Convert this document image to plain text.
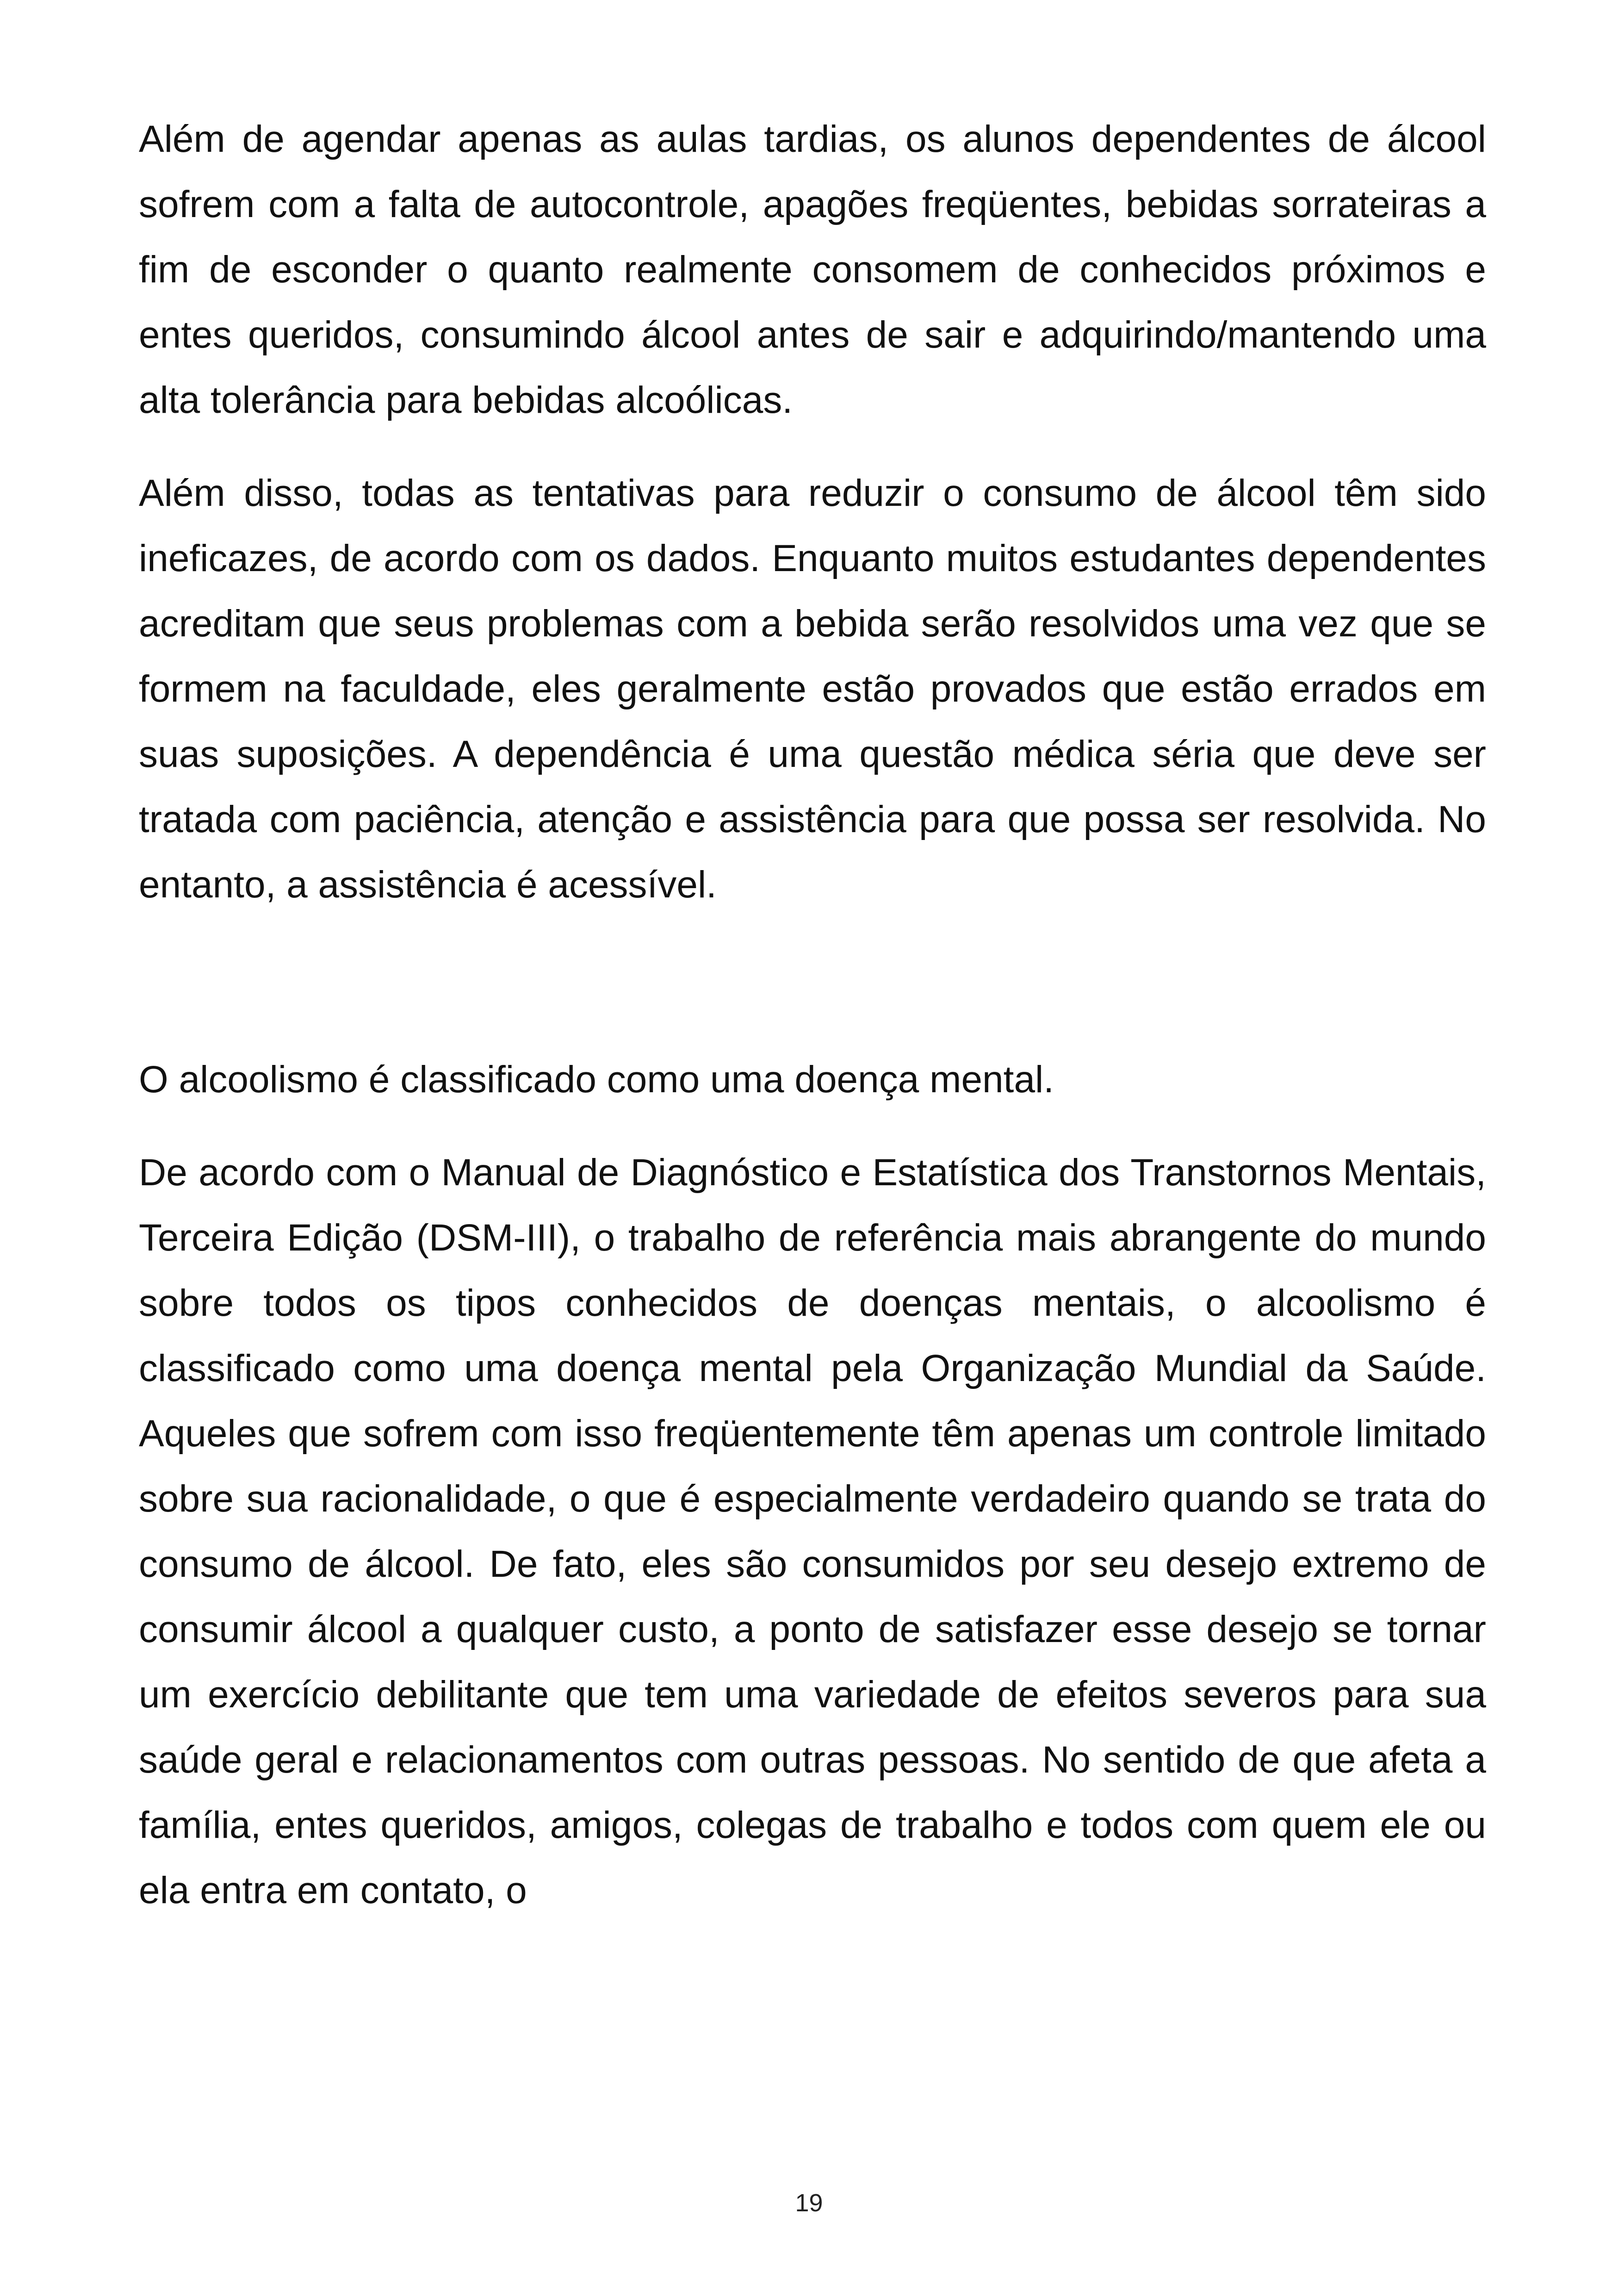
Além de agendar apenas as aulas tardias, os alunos dependentes de álcool sofrem com a falta de autocontrole, apagões freqüentes, bebidas sorrateiras a fim de esconder o quanto realmente consomem de conhecidos próximos e entes queridos, consumindo álcool antes de sair e adquirindo/mantendo uma alta tolerância para bebidas alcoólicas.

Além disso, todas as tentativas para reduzir o consumo de álcool têm sido ineficazes, de acordo com os dados. Enquanto muitos estudantes dependentes acreditam que seus problemas com a bebida serão resolvidos uma vez que se formem na faculdade, eles geralmente estão provados que estão errados em suas suposições. A dependência é uma questão médica séria que deve ser tratada com paciência, atenção e assistência para que possa ser resolvida. No entanto, a assistência é acessível.

O alcoolismo é classificado como uma doença mental.

De acordo com o Manual de Diagnóstico e Estatística dos Transtornos Mentais, Terceira Edição (DSM-III), o trabalho de referência mais abrangente do mundo sobre todos os tipos conhecidos de doenças mentais, o alcoolismo é classificado como uma doença mental pela Organização Mundial da Saúde. Aqueles que sofrem com isso freqüentemente têm apenas um controle limitado sobre sua racionalidade, o que é especialmente verdadeiro quando se trata do consumo de álcool. De fato, eles são consumidos por seu desejo extremo de consumir álcool a qualquer custo, a ponto de satisfazer esse desejo se tornar um exercício debilitante que tem uma variedade de efeitos severos para sua saúde geral e relacionamentos com outras pessoas. No sentido de que afeta a família, entes queridos, amigos, colegas de trabalho e todos com quem ele ou ela entra em contato, o

19
